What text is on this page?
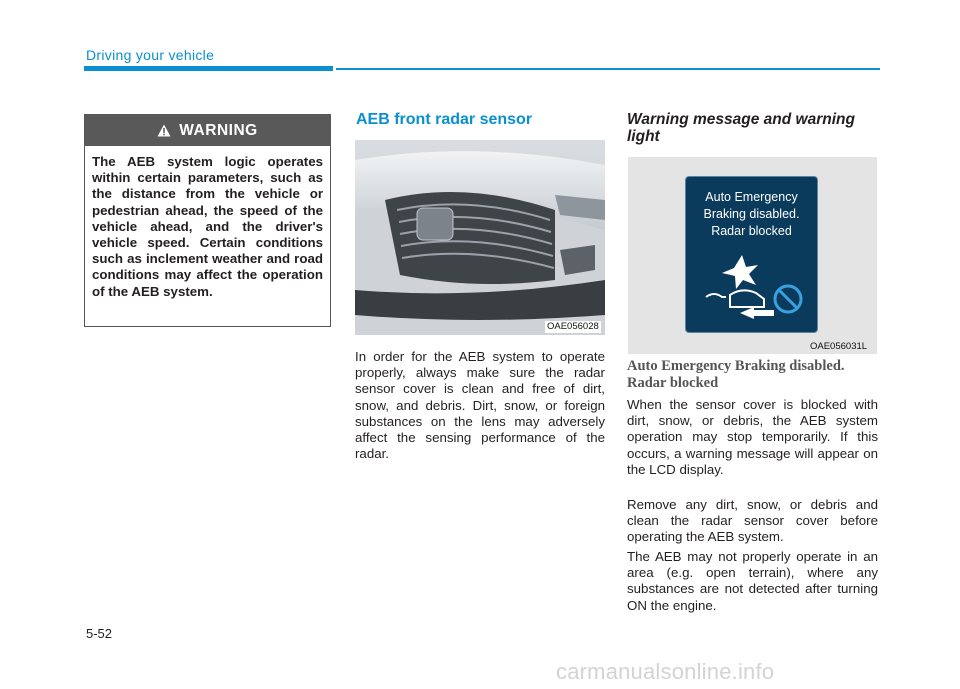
Driving your vehicle
WARNING
The AEB system logic operates within certain parameters, such as the distance from the vehicle or pedestrian ahead, the speed of the vehicle ahead, and the driver's vehicle speed. Certain conditions such as inclement weather and road conditions may affect the operation of the AEB system.
AEB front radar sensor
OAE056028
In order for the AEB system to operate properly, always make sure the radar sensor cover is clean and free of dirt, snow, and debris. Dirt, snow, or foreign substances on the lens may adversely affect the sensing performance of the radar.
Warning message and warning light
Auto Emergency
Braking disabled.
Radar blocked
OAE056031L
Auto Emergency Braking disabled. Radar blocked
When the sensor cover is blocked with dirt, snow, or debris, the AEB system operation may stop temporarily. If this occurs, a warning message will appear on the LCD display.
Remove any dirt, snow, or debris and clean the radar sensor cover before operating the AEB system.
The AEB may not properly operate in an area (e.g. open terrain), where any substances are not detected after turning ON the engine.
5-52
carmanualsonline.info
